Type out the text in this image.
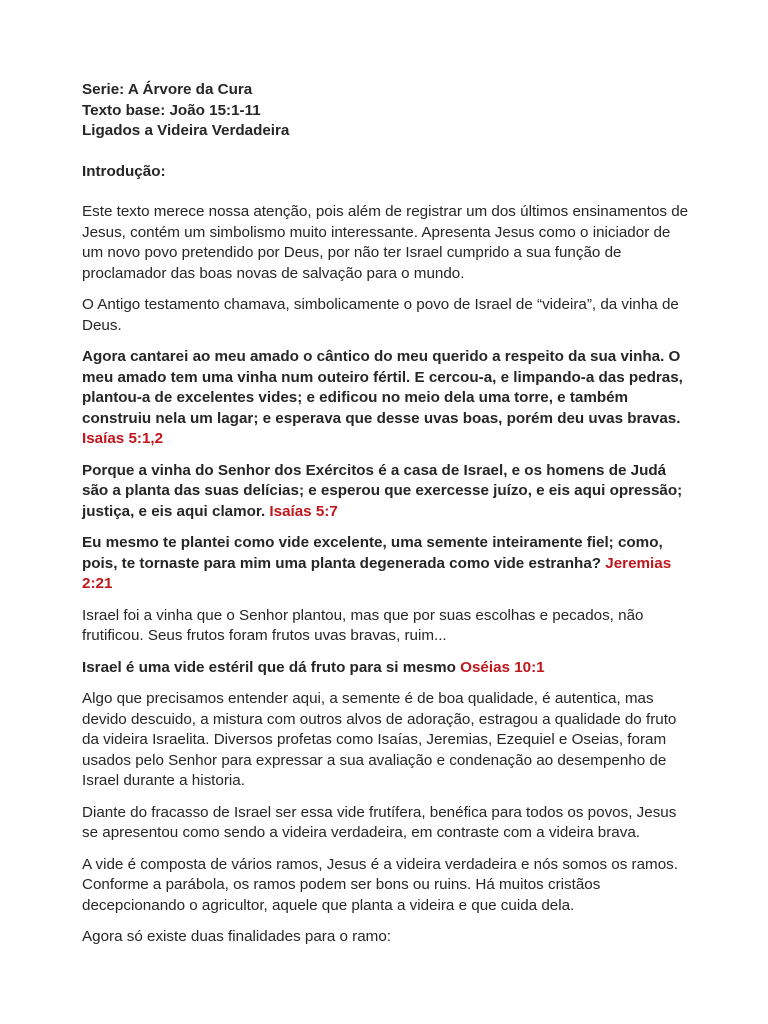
Serie: A Árvore da Cura
Texto base: João 15:1-11
Ligados a Videira Verdadeira
Introdução:

Este texto merece nossa atenção, pois além de registrar um dos últimos ensinamentos de Jesus, contém um simbolismo muito interessante. Apresenta Jesus como o iniciador de um novo povo pretendido por Deus, por não ter Israel cumprido a sua função de proclamador das boas novas de salvação para o mundo.

O Antigo testamento chamava, simbolicamente o povo de Israel de “videira”, da vinha de Deus.

Agora cantarei ao meu amado o cântico do meu querido a respeito da sua vinha. O meu amado tem uma vinha num outeiro fértil. E cercou-a, e limpando-a das pedras, plantou-a de excelentes vides; e edificou no meio dela uma torre, e também construiu nela um lagar; e esperava que desse uvas boas, porém deu uvas bravas. Isaías 5:1,2

Porque a vinha do Senhor dos Exércitos é a casa de Israel, e os homens de Judá são a planta das suas delícias; e esperou que exercesse juízo, e eis aqui opressão; justiça, e eis aqui clamor. Isaías 5:7

Eu mesmo te plantei como vide excelente, uma semente inteiramente fiel; como, pois, te tornaste para mim uma planta degenerada como vide estranha? Jeremias 2:21

Israel foi a vinha que o Senhor plantou, mas que por suas escolhas e pecados, não frutificou. Seus frutos foram frutos uvas bravas, ruim...

Israel é uma vide estéril que dá fruto para si mesmo Oséias 10:1

Algo que precisamos entender aqui, a semente é de boa qualidade, é autentica, mas devido descuido, a mistura com outros alvos de adoração, estragou a qualidade do fruto da videira Israelita. Diversos profetas como Isaías, Jeremias, Ezequiel e Oseias, foram usados pelo Senhor para expressar a sua avaliação e condenação ao desempenho de Israel durante a historia.

Diante do fracasso de Israel ser essa vide frutífera, benéfica para todos os povos, Jesus se apresentou como sendo a videira verdadeira, em contraste com a videira brava.

A vide é composta de vários ramos, Jesus é a videira verdadeira e nós somos os ramos. Conforme a parábola, os ramos podem ser bons ou ruins. Há muitos cristãos decepcionando o agricultor, aquele que planta a videira e que cuida dela.

Agora só existe duas finalidades para o ramo:
